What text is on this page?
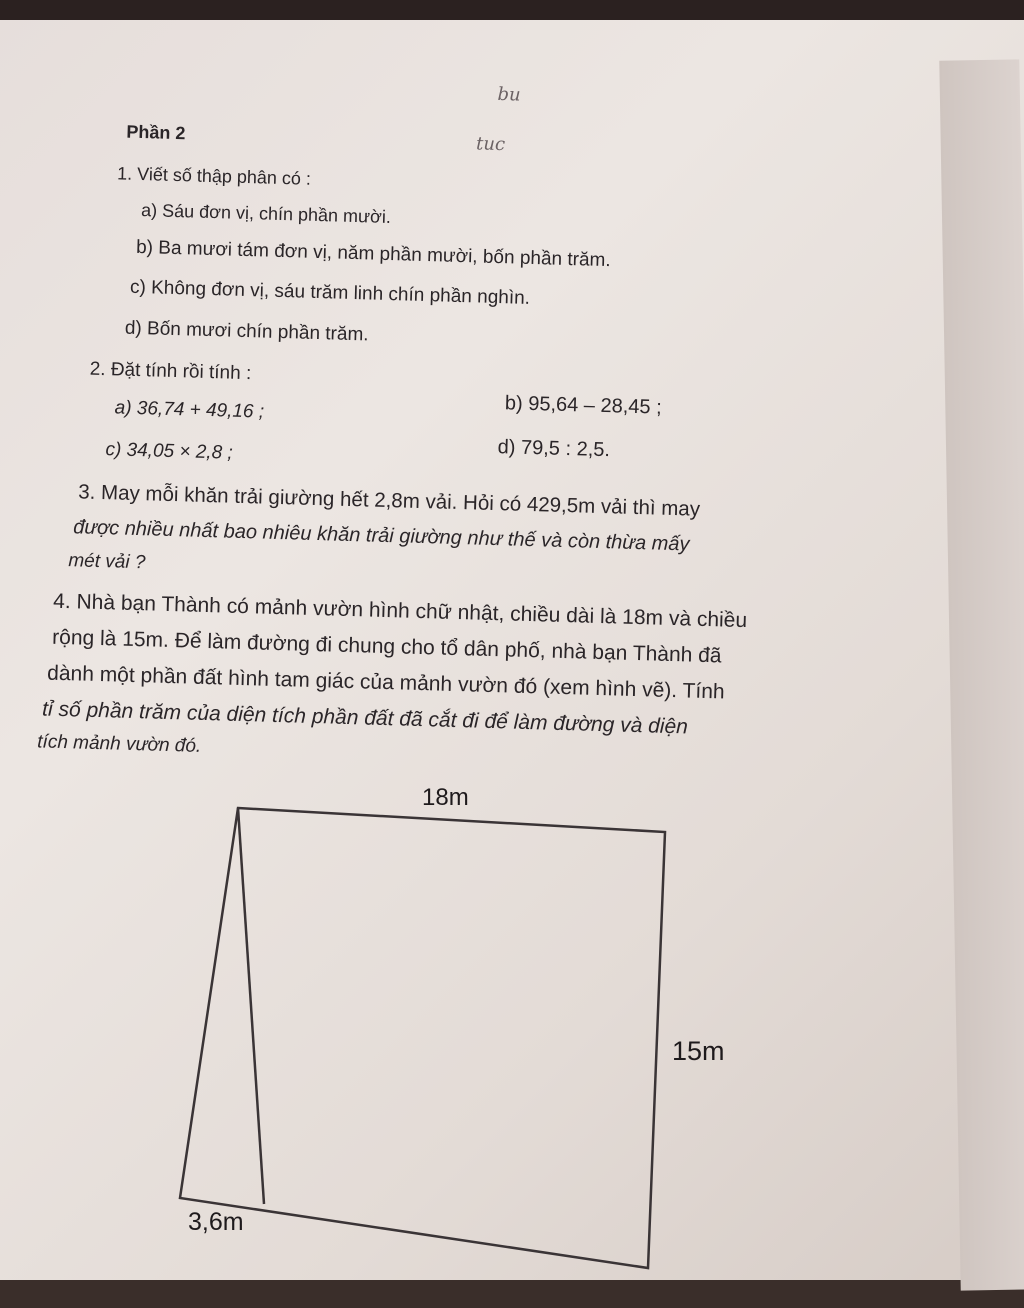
bu
tuc
Phần 2
1. Viết số thập phân có :
a) Sáu đơn vị, chín phần mười.
b) Ba mươi tám đơn vị, năm phần mười, bốn phần trăm.
c) Không đơn vị, sáu trăm linh chín phần nghìn.
d) Bốn mươi chín phần trăm.
2. Đặt tính rồi tính :
a) 36,74 + 49,16 ;	b) 95,64 – 28,45 ;
c) 34,05 × 2,8 ;	d) 79,5 : 2,5.
3. May mỗi khăn trải giường hết 2,8m vải. Hỏi có 429,5m vải thì may
được nhiều nhất bao nhiêu khăn trải giường như thế và còn thừa mấy
mét vải ?
4. Nhà bạn Thành có mảnh vườn hình chữ nhật, chiều dài là 18m và chiều
rộng là 15m. Để làm đường đi chung cho tổ dân phố, nhà bạn Thành đã
dành một phần đất hình tam giác của mảnh vườn đó (xem hình vẽ). Tính
tỉ số phần trăm của diện tích phần đất đã cắt đi để làm đường và diện
tích mảnh vườn đó.
18m
15m
3,6m
